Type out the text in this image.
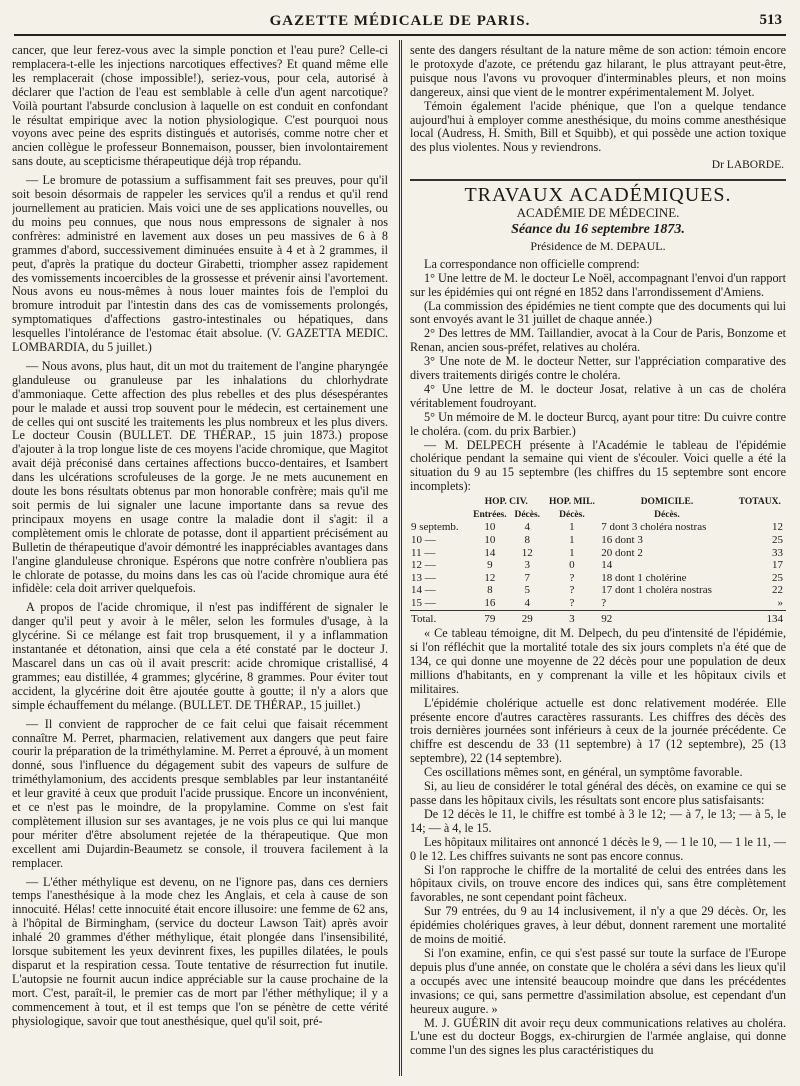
GAZETTE MÉDICALE DE PARIS.	513

cancer, que leur ferez-vous avec la simple ponction et l'eau pure? Celle-ci remplacera-t-elle les injections narcotiques effectives? Et quand même elle les remplacerait (chose impossible!), seriez-vous, pour cela, autorisé à déclarer que l'action de l'eau est semblable à celle d'un agent narcotique? Voilà pourtant l'absurde conclusion à laquelle on est conduit en confondant le résultat empirique avec la notion physiologique. C'est pourquoi nous voyons avec peine des esprits distingués et autorisés, comme notre cher et ancien collègue le professeur Bonnemaison, pousser, bien involontairement sans doute, au scepticisme thérapeutique déjà trop répandu.

— Le bromure de potassium a suffisamment fait ses preuves, pour qu'il soit besoin désormais de rappeler les services qu'il a rendus et qu'il rend journellement au praticien. Mais voici une de ses applications nouvelles, ou du moins peu connues, que nous nous empressons de signaler à nos confrères: administré en lavement aux doses un peu massives de 6 à 8 grammes d'abord, successivement diminuées ensuite à 4 et à 2 grammes, il peut, d'après la pratique du docteur Girabetti, triompher assez rapidement des vomissements incoercibles de la grossesse et prévenir ainsi l'avortement. Nous avons eu nous-mêmes à nous louer maintes fois de l'emploi du bromure introduit par l'intestin dans des cas de vomissements prolongés, symptomatiques d'affections gastro-intestinales ou hépatiques, dans lesquelles l'intolérance de l'estomac était absolue. (V. GAZETTA MEDIC. LOMBARDIA, du 5 juillet.)

— Nous avons, plus haut, dit un mot du traitement de l'angine pharyngée glanduleuse ou granuleuse par les inhalations du chlorhydrate d'ammoniaque. Cette affection des plus rebelles et des plus désespérantes pour le malade et aussi trop souvent pour le médecin, est certainement une de celles qui ont suscité les traitements les plus nombreux et les plus divers. Le docteur Cousin (BULLET. DE THÉRAP., 15 juin 1873.) propose d'ajouter à la trop longue liste de ces moyens l'acide chromique, que Magitot avait déjà préconisé dans certaines affections bucco-dentaires, et Isambert dans les ulcérations scrofuleuses de la gorge. Je ne mets aucunement en doute les bons résultats obtenus par mon honorable confrère; mais qu'il me soit permis de lui signaler une lacune importante dans sa revue des principaux moyens en usage contre la maladie dont il s'agit: il a complètement omis le chlorate de potasse, dont il appartient précisément au Bulletin de thérapeutique d'avoir démontré les inappréciables avantages dans l'angine glanduleuse chronique. Espérons que notre confrère n'oubliera pas le chlorate de potasse, du moins dans les cas où l'acide chromique aura été infidèle: cela doit arriver quelquefois.

A propos de l'acide chromique, il n'est pas indifférent de signaler le danger qu'il peut y avoir à le mêler, selon les formules d'usage, à la glycérine. Si ce mélange est fait trop brusquement, il y a inflammation instantanée et détonation, ainsi que cela a été constaté par le docteur J. Mascarel dans un cas où il avait prescrit: acide chromique cristallisé, 4 grammes; eau distillée, 4 grammes; glycérine, 8 grammes. Pour éviter tout accident, la glycérine doit être ajoutée goutte à goutte; il n'y a alors que simple échauffement du mélange. (BULLET. DE THÉRAP., 15 juillet.)

— Il convient de rapprocher de ce fait celui que faisait récemment connaître M. Perret, pharmacien, relativement aux dangers que peut faire courir la préparation de la triméthylamine. M. Perret a éprouvé, à un moment donné, sous l'influence du dégagement subit des vapeurs de sulfure de triméthylamonium, des accidents presque semblables par leur instantanéité et leur gravité à ceux que produit l'acide prussique. Encore un inconvénient, et ce n'est pas le moindre, de la propylamine. Comme on s'est fait complètement illusion sur ses avantages, je ne vois plus ce qui lui manque pour mériter d'être absolument rejetée de la thérapeutique. Que mon excellent ami Dujardin-Beaumetz se console, il trouvera facilement à la remplacer.

— L'éther méthylique est devenu, on ne l'ignore pas, dans ces derniers temps l'anesthésique à la mode chez les Anglais, et cela à cause de son innocuité. Hélas! cette innocuité était encore illusoire: une femme de 62 ans, à l'hôpital de Birmingham, (service du docteur Lawson Tait) après avoir inhalé 20 grammes d'éther méthylique, était plongée dans l'insensibilité, lorsque subitement les yeux devinrent fixes, les pupilles dilatées, le pouls disparut et la respiration cessa. Toute tentative de résurrection fut inutile. L'autopsie ne fournit aucun indice appréciable sur la cause prochaine de la mort. C'est, paraît-il, le premier cas de mort par l'éther méthylique; il y a commencement à tout, et il est temps que l'on se pénètre de cette vérité physiologique, savoir que tout anesthésique, quel qu'il soit, pré-

sente des dangers résultant de la nature même de son action: témoin encore le protoxyde d'azote, ce prétendu gaz hilarant, le plus attrayant peut-être, puisque nous l'avons vu provoquer d'interminables pleurs, et non moins dangereux, ainsi que vient de le montrer expérimentalement M. Jolyet.

Témoin également l'acide phénique, que l'on a quelque tendance aujourd'hui à employer comme anesthésique, du moins comme anesthésique local (Audress, H. Smith, Bill et Squibb), et qui possède une action toxique des plus violentes. Nous y reviendrons.

Dr LABORDE.
TRAVAUX ACADÉMIQUES.
ACADÉMIE DE MÉDECINE.
Séance du 16 septembre 1873.
Présidence de M. DEPAUL.

La correspondance non officielle comprend:

1° Une lettre de M. le docteur Le Noël, accompagnant l'envoi d'un rapport sur les épidémies qui ont régné en 1852 dans l'arrondissement d'Amiens.

(La commission des épidémies ne tient compte que des documents qui lui sont envoyés avant le 31 juillet de chaque année.)

2° Des lettres de MM. Taillandier, avocat à la Cour de Paris, Bonzome et Renan, ancien sous-préfet, relatives au choléra.

3° Une note de M. le docteur Netter, sur l'appréciation comparative des divers traitements dirigés contre le choléra.

4° Une lettre de M. le docteur Josat, relative à un cas de choléra véritablement foudroyant.

5° Un mémoire de M. le docteur Burcq, ayant pour titre: Du cuivre contre le choléra. (com. du prix Barbier.)

— M. DELPECH présente à l'Académie le tableau de l'épidémie cholérique pendant la semaine qui vient de s'écouler. Voici quelle a été la situation du 9 au 15 septembre (les chiffres du 15 septembre sont encore incomplets):

	HOP. CIV.		HOP. MIL.	DOMICILE.	TOTAUX.
	Entrées.	Décès.	Décès.	Décès.	
9 septemb.	10	4	1	7 dont 3 choléra nostras	12
10 —	10	8	1	16 dont 3	25
11 —	14	12	1	20 dont 2	33
12 —	9	3	0	14	17
13 —	12	7	?	18 dont 1 cholérine	25
14 —	8	5	?	17 dont 1 choléra nostras	22
15 —	16	4	?	?	»
Total.	79	29	3	92	134

« Ce tableau témoigne, dit M. Delpech, du peu d'intensité de l'épidémie, si l'on réfléchit que la mortalité totale des six jours complets n'a été que de 134, ce qui donne une moyenne de 22 décès pour une population de deux millions d'habitants, en y comprenant la ville et les hôpitaux civils et militaires.

L'épidémie cholérique actuelle est donc relativement modérée. Elle présente encore d'autres caractères rassurants. Les chiffres des décès des trois dernières journées sont inférieurs à ceux de la journée précédente. Ce chiffre est descendu de 33 (11 septembre) à 17 (12 septembre), 25 (13 septembre), 22 (14 septembre).

Ces oscillations mêmes sont, en général, un symptôme favorable.

Si, au lieu de considérer le total général des décès, on examine ce qui se passe dans les hôpitaux civils, les résultats sont encore plus satisfaisants:

De 12 décès le 11, le chiffre est tombé à 3 le 12; — à 7, le 13; — à 5, le 14; — à 4, le 15.

Les hôpitaux militaires ont annoncé 1 décès le 9, — 1 le 10, — 1 le 11, — 0 le 12. Les chiffres suivants ne sont pas encore connus.

Si l'on rapproche le chiffre de la mortalité de celui des entrées dans les hôpitaux civils, on trouve encore des indices qui, sans être complètement favorables, ne sont cependant point fâcheux.

Sur 79 entrées, du 9 au 14 inclusivement, il n'y a que 29 décès. Or, les épidémies cholériques graves, à leur début, donnent rarement une mortalité de moins de moitié.

Si l'on examine, enfin, ce qui s'est passé sur toute la surface de l'Europe depuis plus d'une année, on constate que le choléra a sévi dans les lieux qu'il a occupés avec une intensité beaucoup moindre que dans les précédentes invasions; ce qui, sans permettre d'assimilation absolue, est cependant d'un heureux augure. »

M. J. GUÉRIN dit avoir reçu deux communications relatives au choléra. L'une est du docteur Boggs, ex-chirurgien de l'armée anglaise, qui donne comme l'un des signes les plus caractéristiques du
